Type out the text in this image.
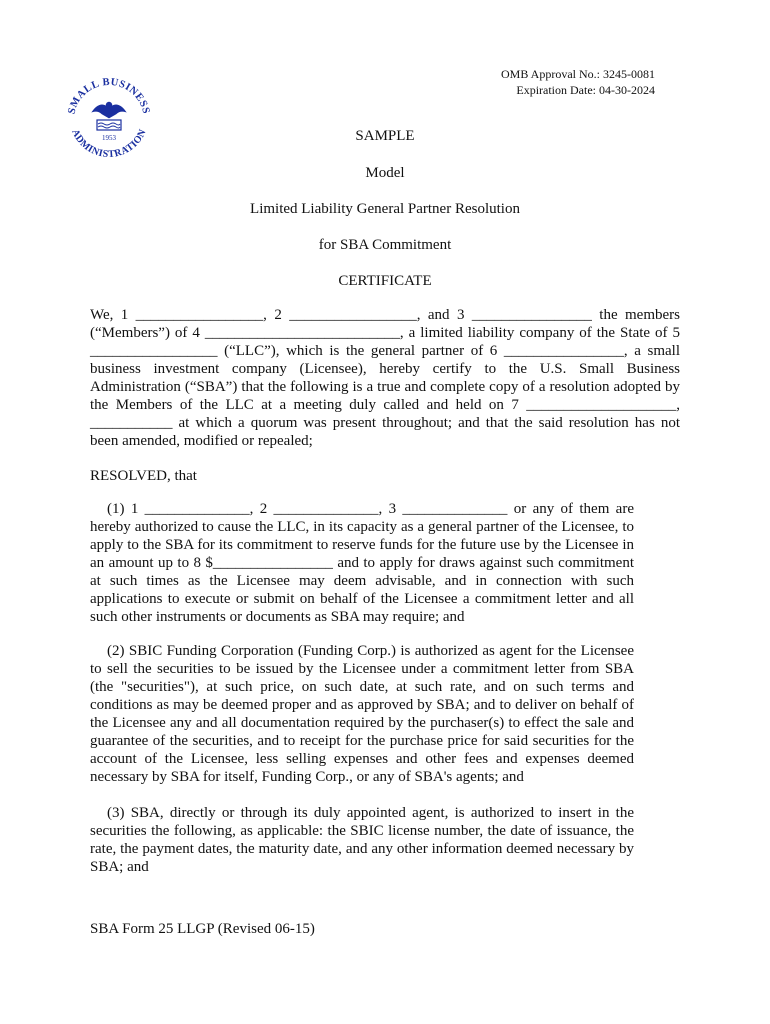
SMALL BUSINESS
ADMINISTRATION
1953
OMB Approval No.: 3245-0081
Expiration Date: 04-30-2024
SAMPLE
Model
Limited Liability General Partner Resolution
for SBA Commitment
CERTIFICATE
We, 1 _________________, 2 _________________, and 3 ________________ the members (“Members”) of 4 __________________________, a limited liability company of the State of 5 _________________ (“LLC”), which is the general partner of 6 ________________, a small business investment company (Licensee), hereby certify to the U.S. Small Business Administration (“SBA”) that the following is a true and complete copy of a resolution adopted by the Members of the LLC at a meeting duly called and held on 7 ____________________, ___________ at which a quorum was present throughout; and that the said resolution has not been amended, modified or repealed;
RESOLVED, that
(1) 1 ______________, 2 ______________, 3 ______________ or any of them are hereby authorized to cause the LLC, in its capacity as a general partner of the Licensee, to apply to the SBA for its commitment to reserve funds for the future use by the Licensee in an amount up to 8 $________________ and to apply for draws against such commitment at such times as the Licensee may deem advisable, and in connection with such applications to execute or submit on behalf of the Licensee a commitment letter and all such other instruments or documents as SBA may require; and
(2) SBIC Funding Corporation (Funding Corp.) is authorized as agent for the Licensee to sell the securities to be issued by the Licensee under a commitment letter from SBA (the "securities"), at such price, on such date, at such rate, and on such terms and conditions as may be deemed proper and as approved by SBA; and to deliver on behalf of the Licensee any and all documentation required by the purchaser(s) to effect the sale and guarantee of the securities, and to receipt for the purchase price for said securities for the account of the Licensee, less selling expenses and other fees and expenses deemed necessary by SBA for itself, Funding Corp., or any of SBA's agents; and
(3) SBA, directly or through its duly appointed agent, is authorized to insert in the securities the following, as applicable: the SBIC license number, the date of issuance, the rate, the payment dates, the maturity date, and any other information deemed necessary by SBA; and
SBA Form 25 LLGP (Revised 06-15)
